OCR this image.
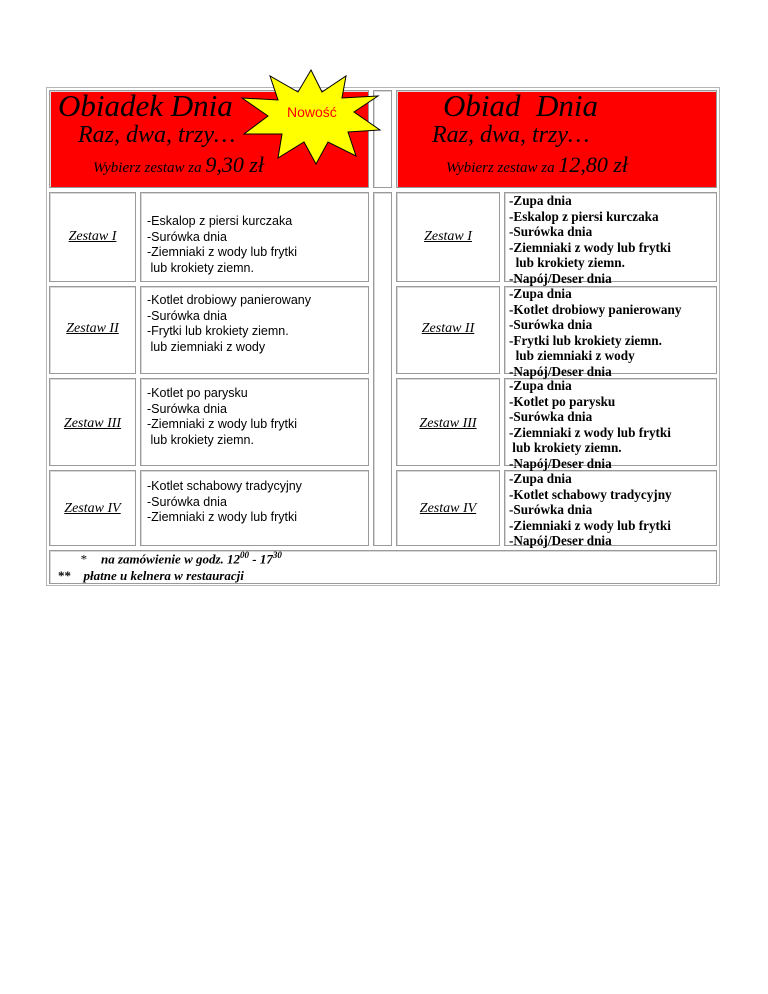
Obiadek Dnia
Raz, dwa, trzy…
Wybierz zestaw za 9,30 zł
Nowość	Obiad  Dnia
Raz, dwa, trzy…
Wybierz zestaw za 12,80 zł
Zestaw I
Zestaw II
Zestaw III
Zestaw IV
-Eskalop z piersi kurczaka
-Surówka dnia
-Ziemniaki z wody lub frytki
lub krokiety ziemn.
-Kotlet drobiowy panierowany
-Surówka dnia
-Frytki lub krokiety ziemn.
lub ziemniaki z wody
-Kotlet po parysku
-Surówka dnia
-Ziemniaki z wody lub frytki
lub krokiety ziemn.
-Kotlet schabowy tradycyjny
-Surówka dnia
-Ziemniaki z wody lub frytki
Zestaw I
Zestaw II
Zestaw III
Zestaw IV
-Zupa dnia
-Eskalop z piersi kurczaka
-Surówka dnia
-Ziemniaki z wody lub frytki
lub krokiety ziemn.
-Napój/Deser dnia
-Zupa dnia
-Kotlet drobiowy panierowany
-Surówka dnia
-Frytki lub krokiety ziemn.
lub ziemniaki z wody
-Napój/Deser dnia
-Zupa dnia
-Kotlet po parysku
-Surówka dnia
-Ziemniaki z wody lub frytki
lub krokiety ziemn.
-Napój/Deser dnia
-Zupa dnia
-Kotlet schabowy tradycyjny
-Surówka dnia
-Ziemniaki z wody lub frytki
-Napój/Deser dnia
* na zamówienie w godz. $12^{00} - 17^{30}$
** płatne u kelnera w restauracji
